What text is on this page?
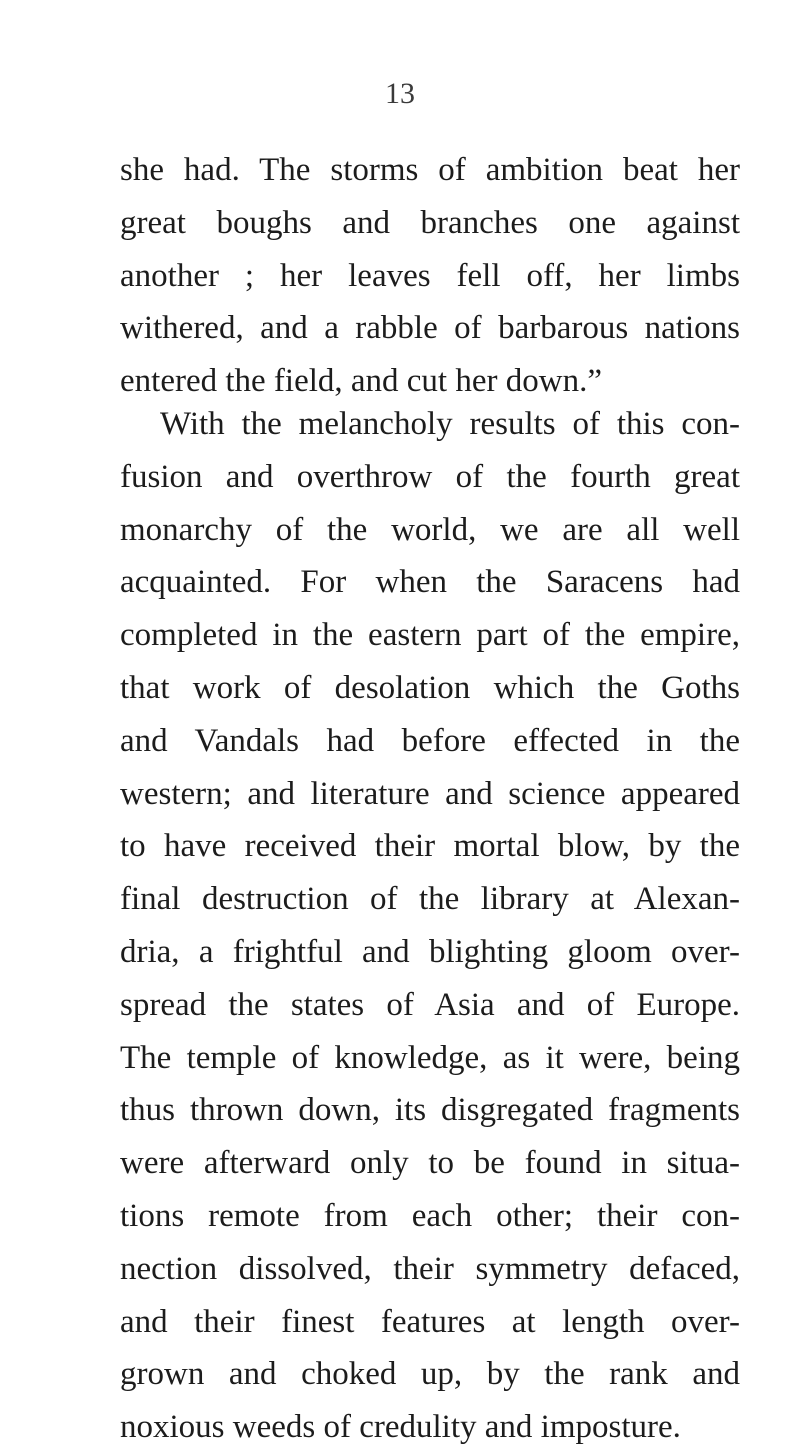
13
she had. The storms of ambition beat her
great boughs and branches one against
another ; her leaves fell off, her limbs
withered, and a rabble of barbarous nations
entered the field, and cut her down.”
With the melancholy results of this con-
fusion and overthrow of the fourth great
monarchy of the world, we are all well
acquainted. For when the Saracens had
completed in the eastern part of the empire,
that work of desolation which the Goths
and Vandals had before effected in the
western; and literature and science appeared
to have received their mortal blow, by the
final destruction of the library at Alexan-
dria, a frightful and blighting gloom over-
spread the states of Asia and of Europe.
The temple of knowledge, as it were, being
thus thrown down, its disgregated fragments
were afterward only to be found in situa-
tions remote from each other; their con-
nection dissolved, their symmetry defaced,
and their finest features at length over-
grown and choked up, by the rank and
noxious weeds of credulity and imposture.
